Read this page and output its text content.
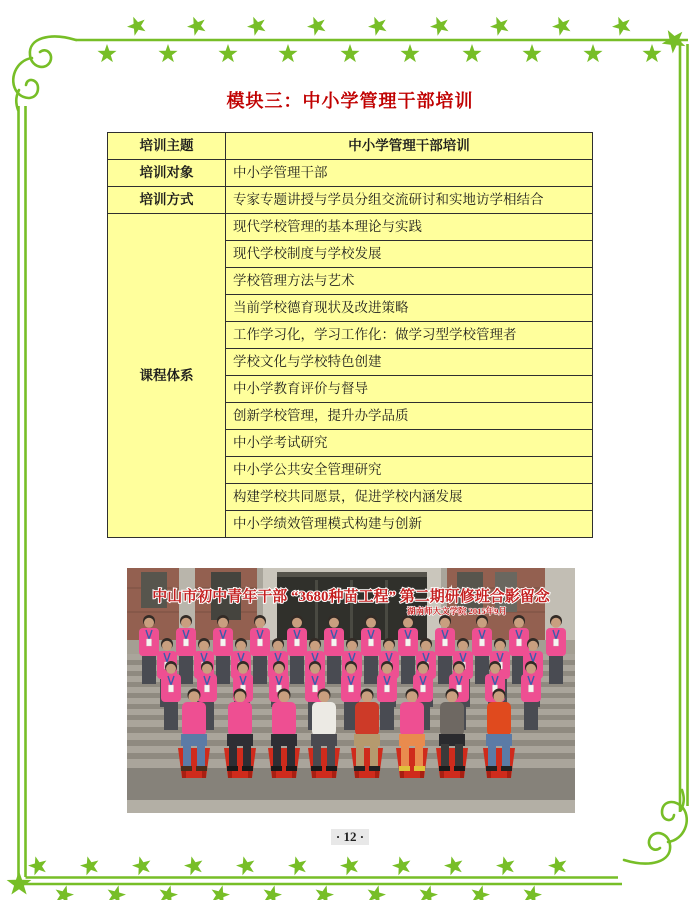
模块三：中小学管理干部培训
培训主题	中小学管理干部培训
培训对象	中小学管理干部
培训方式	专家专题讲授与学员分组交流研讨和实地访学相结合
课程体系	现代学校管理的基本理论与实践
	现代学校制度与学校发展
	学校管理方法与艺术
	当前学校德育现状及改进策略
	工作学习化，学习工作化：做学习型学校管理者
	学校文化与学校特色创建
	中小学教育评价与督导
	创新学校管理，提升办学品质
	中小学考试研究
	中小学公共安全管理研究
	构建学校共同愿景，促进学校内涵发展
	中小学绩效管理模式构建与创新
中山市初中青年干部 “3680种苗工程” 第二期研修班合影留念
湖南师大文学院 2015年9月
· 12 ·
